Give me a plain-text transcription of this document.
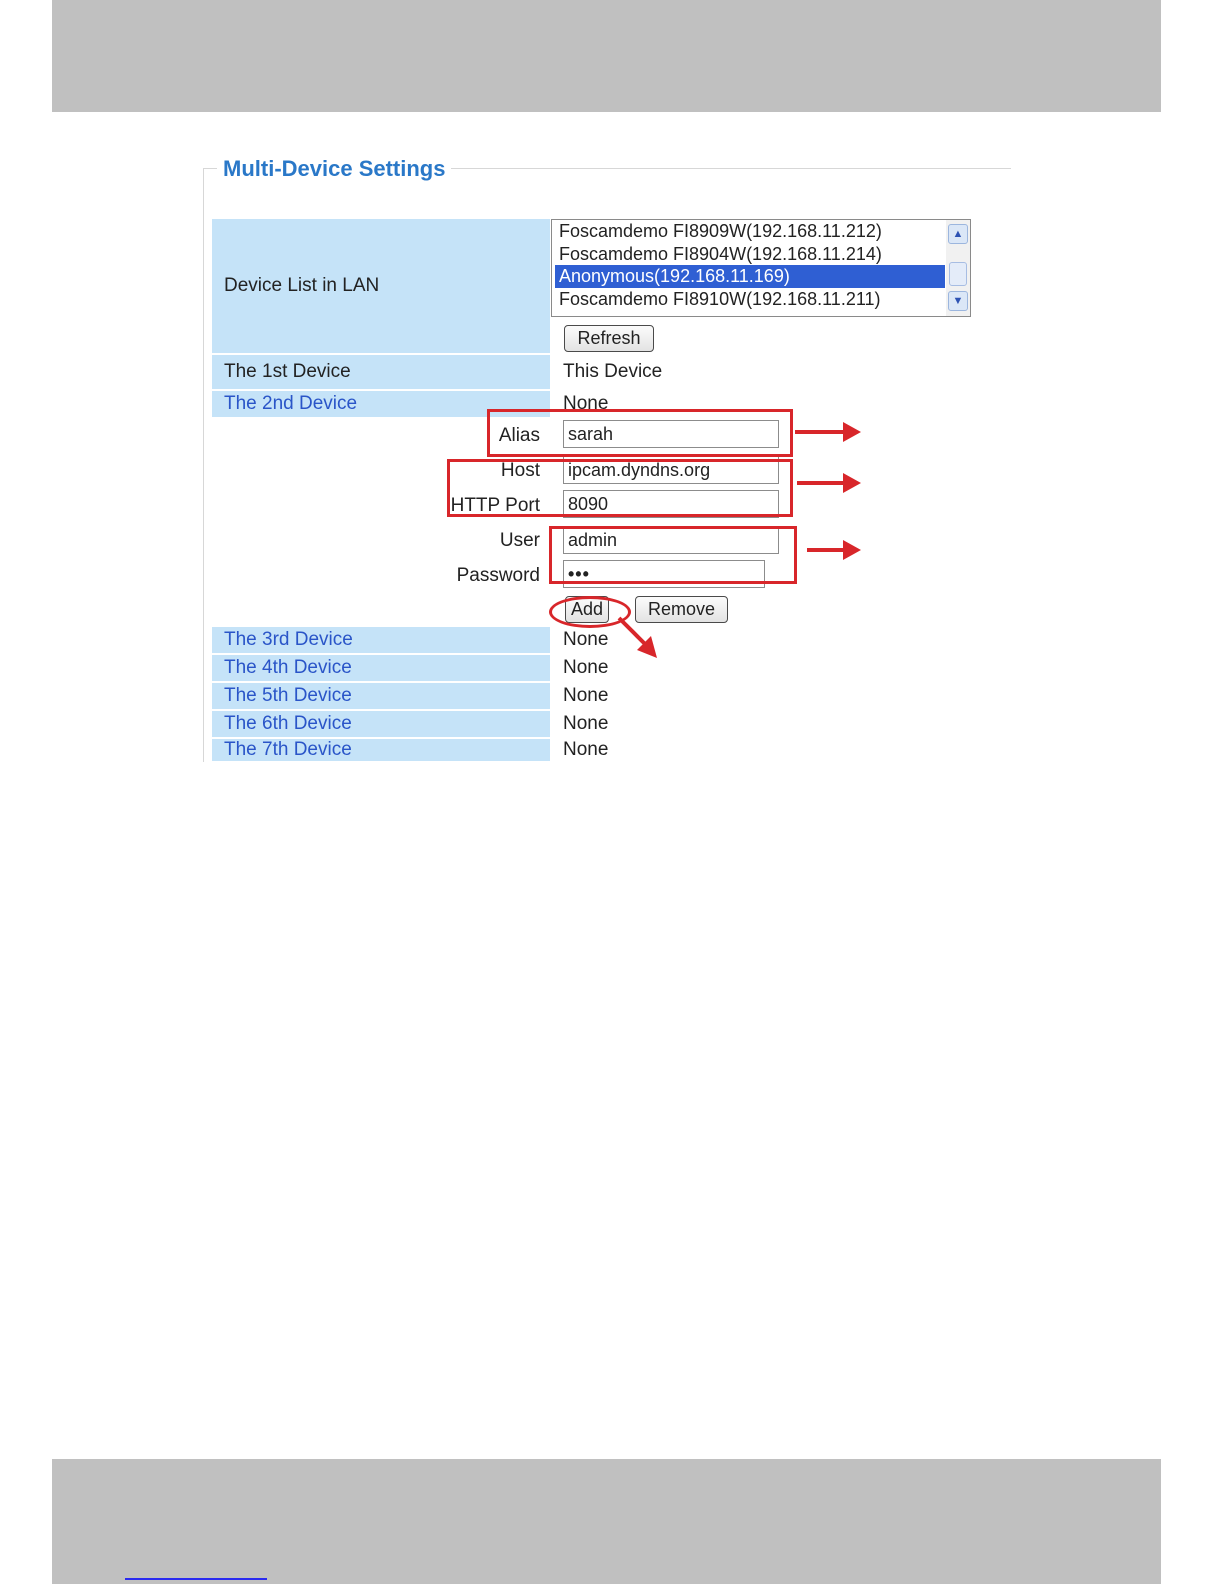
Multi-Device Settings
Device List in LAN
Foscamdemo FI8909W(192.168.11.212)
Foscamdemo FI8904W(192.168.11.214)
Anonymous(192.168.11.169)
Foscamdemo FI8910W(192.168.11.211)
▲
▼
Refresh
The 1st Device	This Device
The 2nd Device	None
Alias sarah
Host ipcam.dyndns.org
HTTP Port 8090
User admin
Password •••
Add	Remove
The 3rd Device	None
The 4th Device	None
The 5th Device	None
The 6th Device	None
The 7th Device	None
